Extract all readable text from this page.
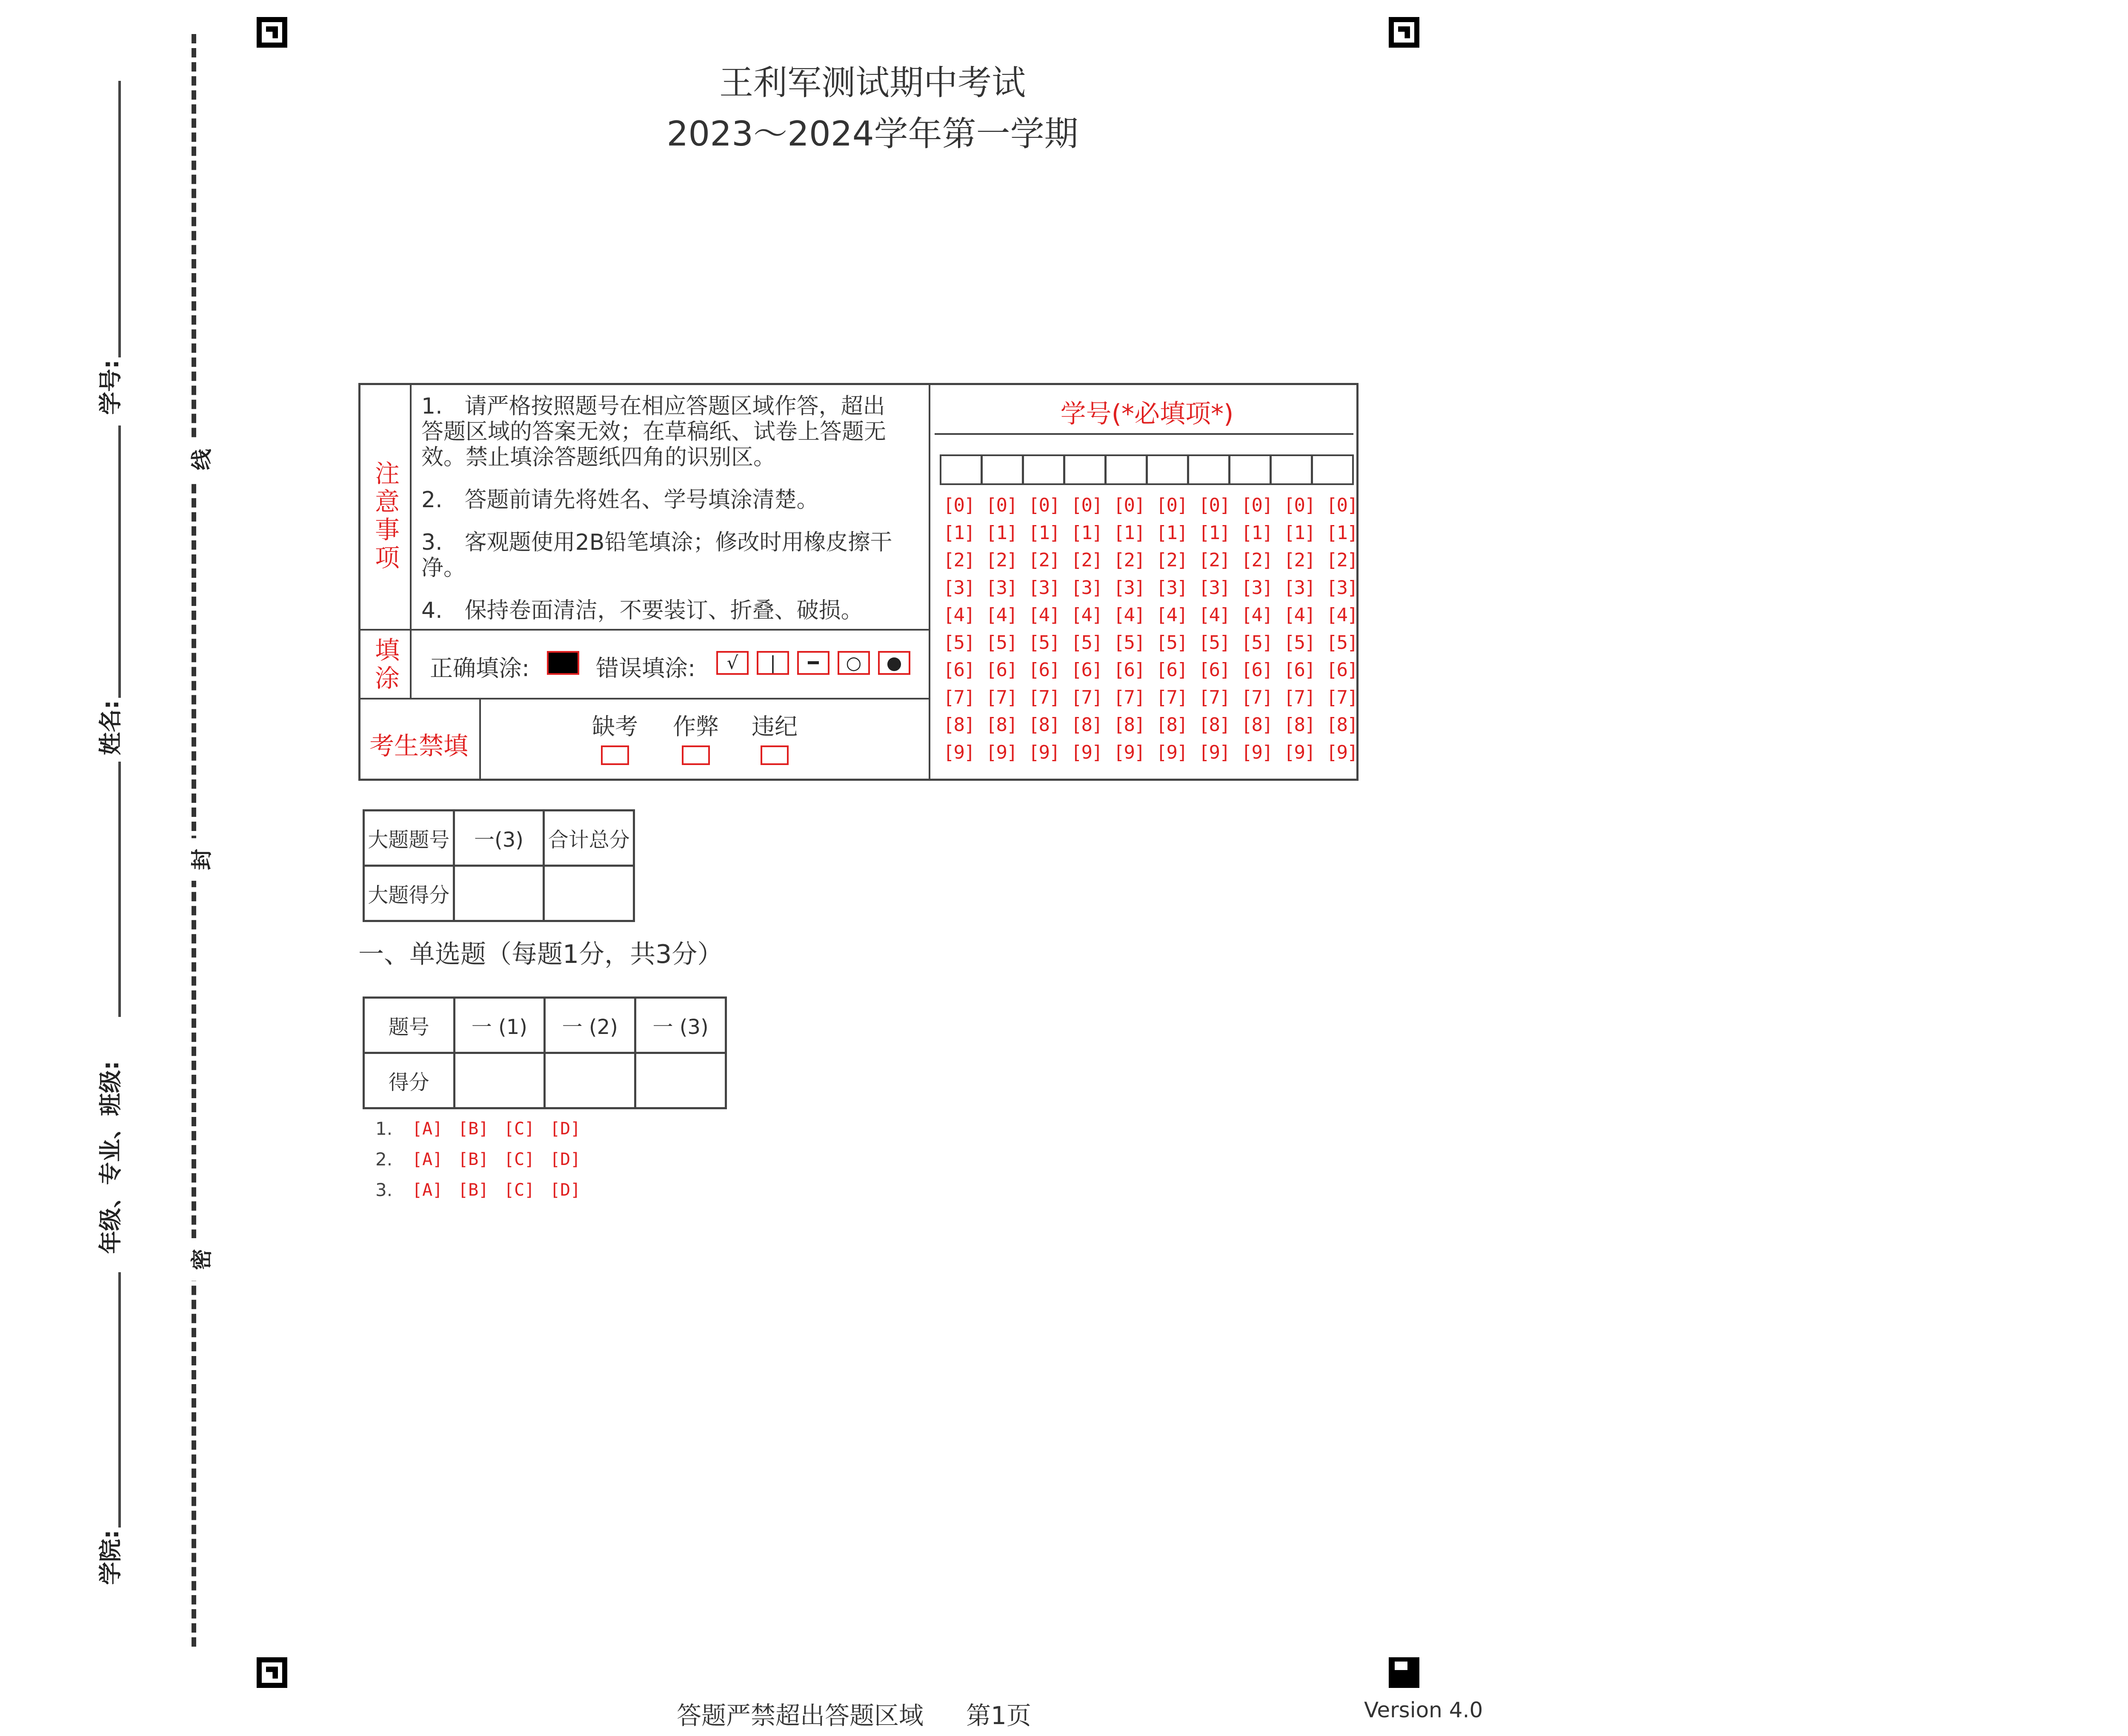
学号:
姓名:
年级、专业、班级:
学院:
线
封
密
王利军测试期中考试
2023～2024学年第一学期
注
意
事
项
1.　请严格按照题号在相应答题区域作答，超出答题区域的答案无效；在草稿纸、试卷上答题无效。禁止填涂答题纸四角的识别区。
2.　答题前请先将姓名、学号填涂清楚。
3.　客观题使用2B铅笔填涂；修改时用橡皮擦干净。
4.　保持卷面清洁，不要装订、折叠、破损。
填
涂 正确填涂:	错误填涂:	√	|	━	○	●
考生禁填
缺考	作弊	违纪
学号(*必填项*)
[0] [0] [0] [0] [0] [0] [0] [0] [0] [0]
[1] [1] [1] [1] [1] [1] [1] [1] [1] [1]
[2] [2] [2] [2] [2] [2] [2] [2] [2] [2]
[3] [3] [3] [3] [3] [3] [3] [3] [3] [3]
[4] [4] [4] [4] [4] [4] [4] [4] [4] [4]
[5] [5] [5] [5] [5] [5] [5] [5] [5] [5]
[6] [6] [6] [6] [6] [6] [6] [6] [6] [6]
[7] [7] [7] [7] [7] [7] [7] [7] [7] [7]
[8] [8] [8] [8] [8] [8] [8] [8] [8] [8]
[9] [9] [9] [9] [9] [9] [9] [9] [9] [9]
大题题号	一(3)	合计总分
大题得分		
一、单选题（每题1分，共3分）
题号	一 (1)	一 (2)	一 (3)
得分			
1. [A] [B] [C] [D]
2. [A] [B] [C] [D]
3. [A] [B] [C] [D]
答题严禁超出答题区域 第1页	Version 4.0
